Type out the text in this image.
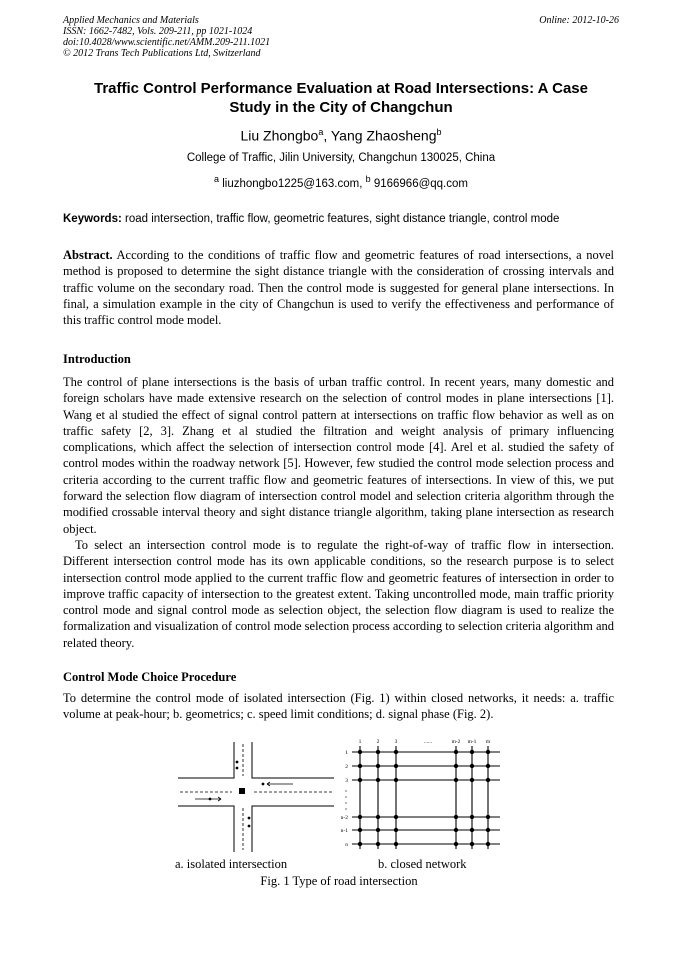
Applied Mechanics and Materials
ISSN: 1662-7482, Vols. 209-211, pp 1021-1024
doi:10.4028/www.scientific.net/AMM.209-211.1021
© 2012 Trans Tech Publications Ltd, Switzerland
Online: 2012-10-26
Traffic Control Performance Evaluation at Road Intersections: A Case
Study in the City of Changchun
Liu Zhongbo$^a$, Yang Zhaosheng$^b$
College of Traffic, Jilin University, Changchun 130025, China
$^a$ liuzhongbo1225@163.com, $^b$ 9166966@qq.com
Keywords: road intersection, traffic flow, geometric features, sight distance triangle, control mode
Abstract. According to the conditions of traffic flow and geometric features of road intersections, a novel method is proposed to determine the sight distance triangle with the consideration of crossing intervals and traffic volume on the secondary road. Then the control mode is suggested for general plane intersections. In final, a simulation example in the city of Changchun is used to verify the effectiveness and performance of this traffic control mode model.
Introduction
The control of plane intersections is the basis of urban traffic control. In recent years, many domestic and foreign scholars have made extensive research on the selection of control modes in plane intersections [1]. Wang et al studied the effect of signal control pattern at intersections on traffic flow behavior as well as on traffic safety [2, 3]. Zhang et al studied the filtration and weight analysis of primary influencing complications, which affect the selection of intersection control mode [4]. Arel et al. studied the safety of control modes within the roadway network [5]. However, few studied the control mode selection process and criteria according to the current traffic flow and geometric features of intersections. In view of this, we put forward the selection flow diagram of intersection control model and selection criteria algorithm through the modified crossable interval theory and sight distance triangle algorithm, taking plane intersection as research object.
To select an intersection control mode is to regulate the right-of-way of traffic flow in intersection. Different intersection control mode has its own applicable conditions, so the research purpose is to select intersection control mode applied to the current traffic flow and geometric features of intersection in order to improve traffic capacity of intersection to the greatest extent. Taking uncontrolled mode, main traffic priority control mode and signal control mode as selection object, the selection flow diagram is used to realize the formalization and visualization of control mode selection process according to selection criteria algorithm and related theory.
Control Mode Choice Procedure
To determine the control mode of isolated intersection (Fig. 1) within closed networks, it needs: a. traffic volume at peak-hour; b. geometrics; c. speed limit conditions; d. signal phase (Fig. 2).
1	2	3	......	m-2 m-1 m
1
2
3
n-2
n-1
n
a. isolated intersection	b. closed network
Fig. 1 Type of road intersection
